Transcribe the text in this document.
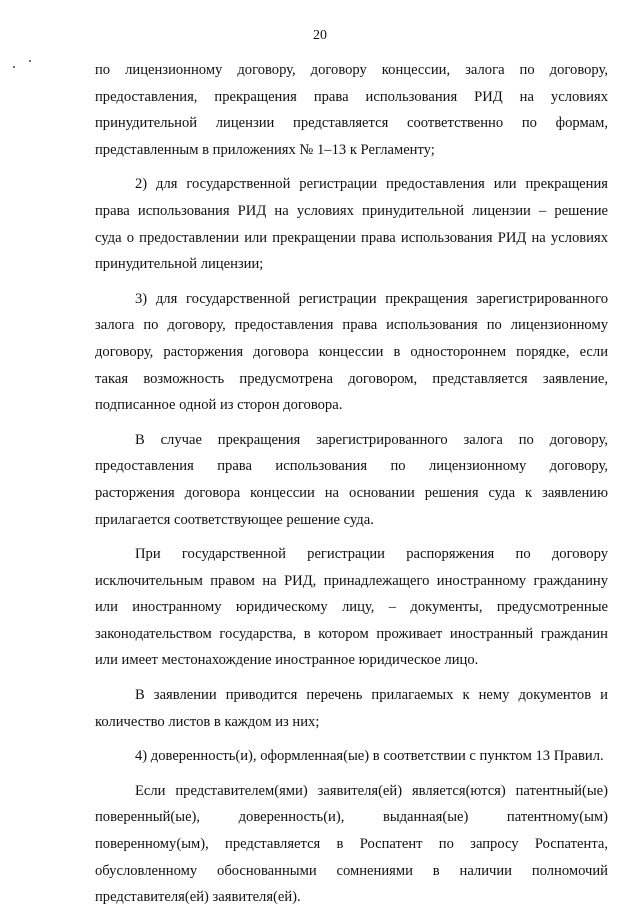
20

по лицензионному договору, договору концессии, залога по договору,
предоставления, прекращения права использования РИД на условиях
принудительной лицензии представляется соответственно по формам,
представленным в приложениях № 1–13 к Регламенту;

2) для государственной регистрации предоставления или прекращения
права использования РИД на условиях принудительной лицензии – решение
суда о предоставлении или прекращении права использования РИД на условиях
принудительной лицензии;

3) для государственной регистрации прекращения зарегистрированного
залога по договору, предоставления права использования по лицензионному
договору, расторжения договора концессии в одностороннем порядке, если
такая возможность предусмотрена договором, представляется заявление,
подписанное одной из сторон договора.

В случае прекращения зарегистрированного залога по договору,
предоставления права использования по лицензионному договору,
расторжения договора концессии на основании решения суда к заявлению
прилагается соответствующее решение суда.

При государственной регистрации распоряжения по договору
исключительным правом на РИД, принадлежащего иностранному гражданину
или иностранному юридическому лицу, – документы, предусмотренные
законодательством государства, в котором проживает иностранный гражданин
или имеет местонахождение иностранное юридическое лицо.

В заявлении приводится перечень прилагаемых к нему документов и
количество листов в каждом из них;

4) доверенность(и), оформленная(ые) в соответствии с пунктом 13 Правил.

Если представителем(ями) заявителя(ей) является(ются) патентный(ые)
поверенный(ые), доверенность(и), выданная(ые) патентному(ым)
поверенному(ым), представляется в Роспатент по запросу Роспатента,
обусловленному обоснованными сомнениями в наличии полномочий
представителя(ей) заявителя(ей).
